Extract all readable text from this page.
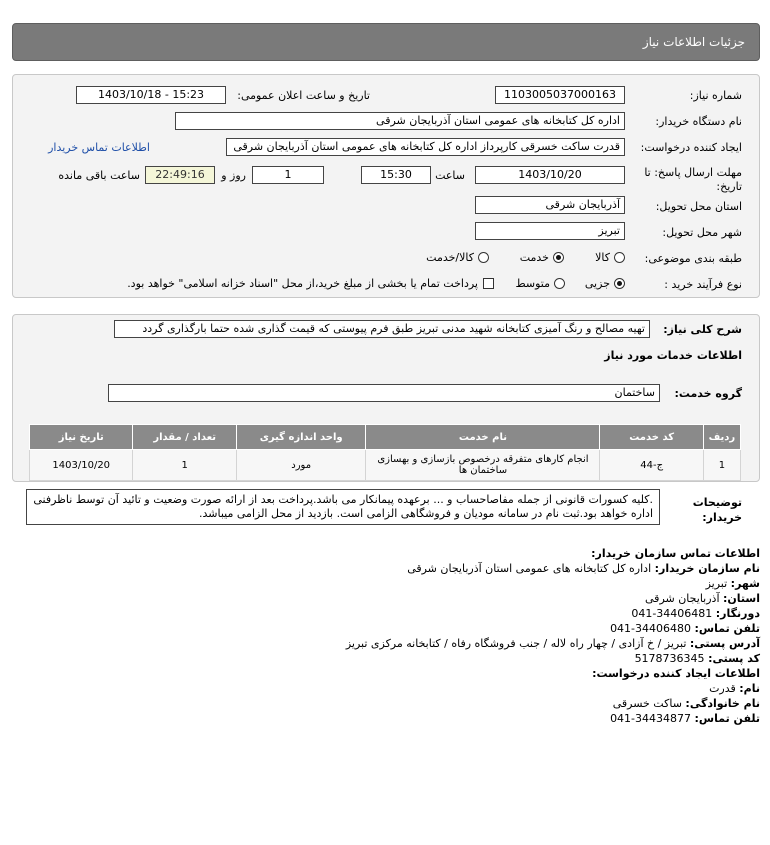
جزئیات اطلاعات نیاز
شماره نیاز:
1103005037000163
تاریخ و ساعت اعلان عمومی:
1403/10/18 - 15:23
نام دستگاه خریدار:
اداره کل کتابخانه های عمومی استان آذربایجان شرقی
ایجاد کننده درخواست:
قدرت ساکت خسرقی کارپرداز اداره کل کتابخانه های عمومی استان آذربایجان شرقی
اطلاعات تماس خریدار
مهلت ارسال پاسخ: تا
تاریخ:
1403/10/20
ساعت
15:30
1
روز و
22:49:16
ساعت باقی مانده
استان محل تحویل:
آذربایجان شرقی
شهر محل تحویل:
تبریز
طبقه بندی موضوعی:
کالا
خدمت
کالا/خدمت
نوع فرآیند خرید :
جزیی
متوسط
پرداخت تمام یا بخشی از مبلغ خرید،از محل "اسناد خزانه اسلامی" خواهد بود.
شرح کلی نیاز:
تهیه مصالح و رنگ آمیزی کتابخانه شهید مدنی تبریز طبق فرم پیوستی که قیمت گذاری شده حتما بارگذاری گردد
اطلاعات خدمات مورد نیاز
گروه خدمت:
ساختمان
ردیف	کد خدمت	نام خدمت	واحد اندازه گیری	تعداد / مقدار	تاریخ نیاز
1	ج-44	انجام کارهای متفرقه درخصوص بازسازی و بهسازی ساختمان ها	مورد	1	1403/10/20
توضیحات
خریدار:
.کلیه کسورات قانونی از جمله مفاصاحساب و ... برعهده پیمانکار می باشد.پرداخت بعد از ارائه صورت وضعیت و تائید آن توسط ناظرفنی اداره خواهد بود.ثبت نام در سامانه مودیان و فروشگاهی الزامی است. بازدید از محل الزامی میباشد.
اطلاعات تماس سازمان خریدار:
نام سازمان خریدار: اداره کل کتابخانه های عمومی استان آذربایجان شرقی
شهر: تبریز
استان: آذربایجان شرقی
دورنگار: 041-34406481
تلفن تماس: 041-34406480
آدرس پستی: تبریز / خ آزادی / چهار راه لاله / جنب فروشگاه رفاه / کتابخانه مرکزی تبریز
کد پستی: 5178736345
اطلاعات ایجاد کننده درخواست:
نام: قدرت
نام خانوادگی: ساکت خسرقی
تلفن تماس: 041-34434877
